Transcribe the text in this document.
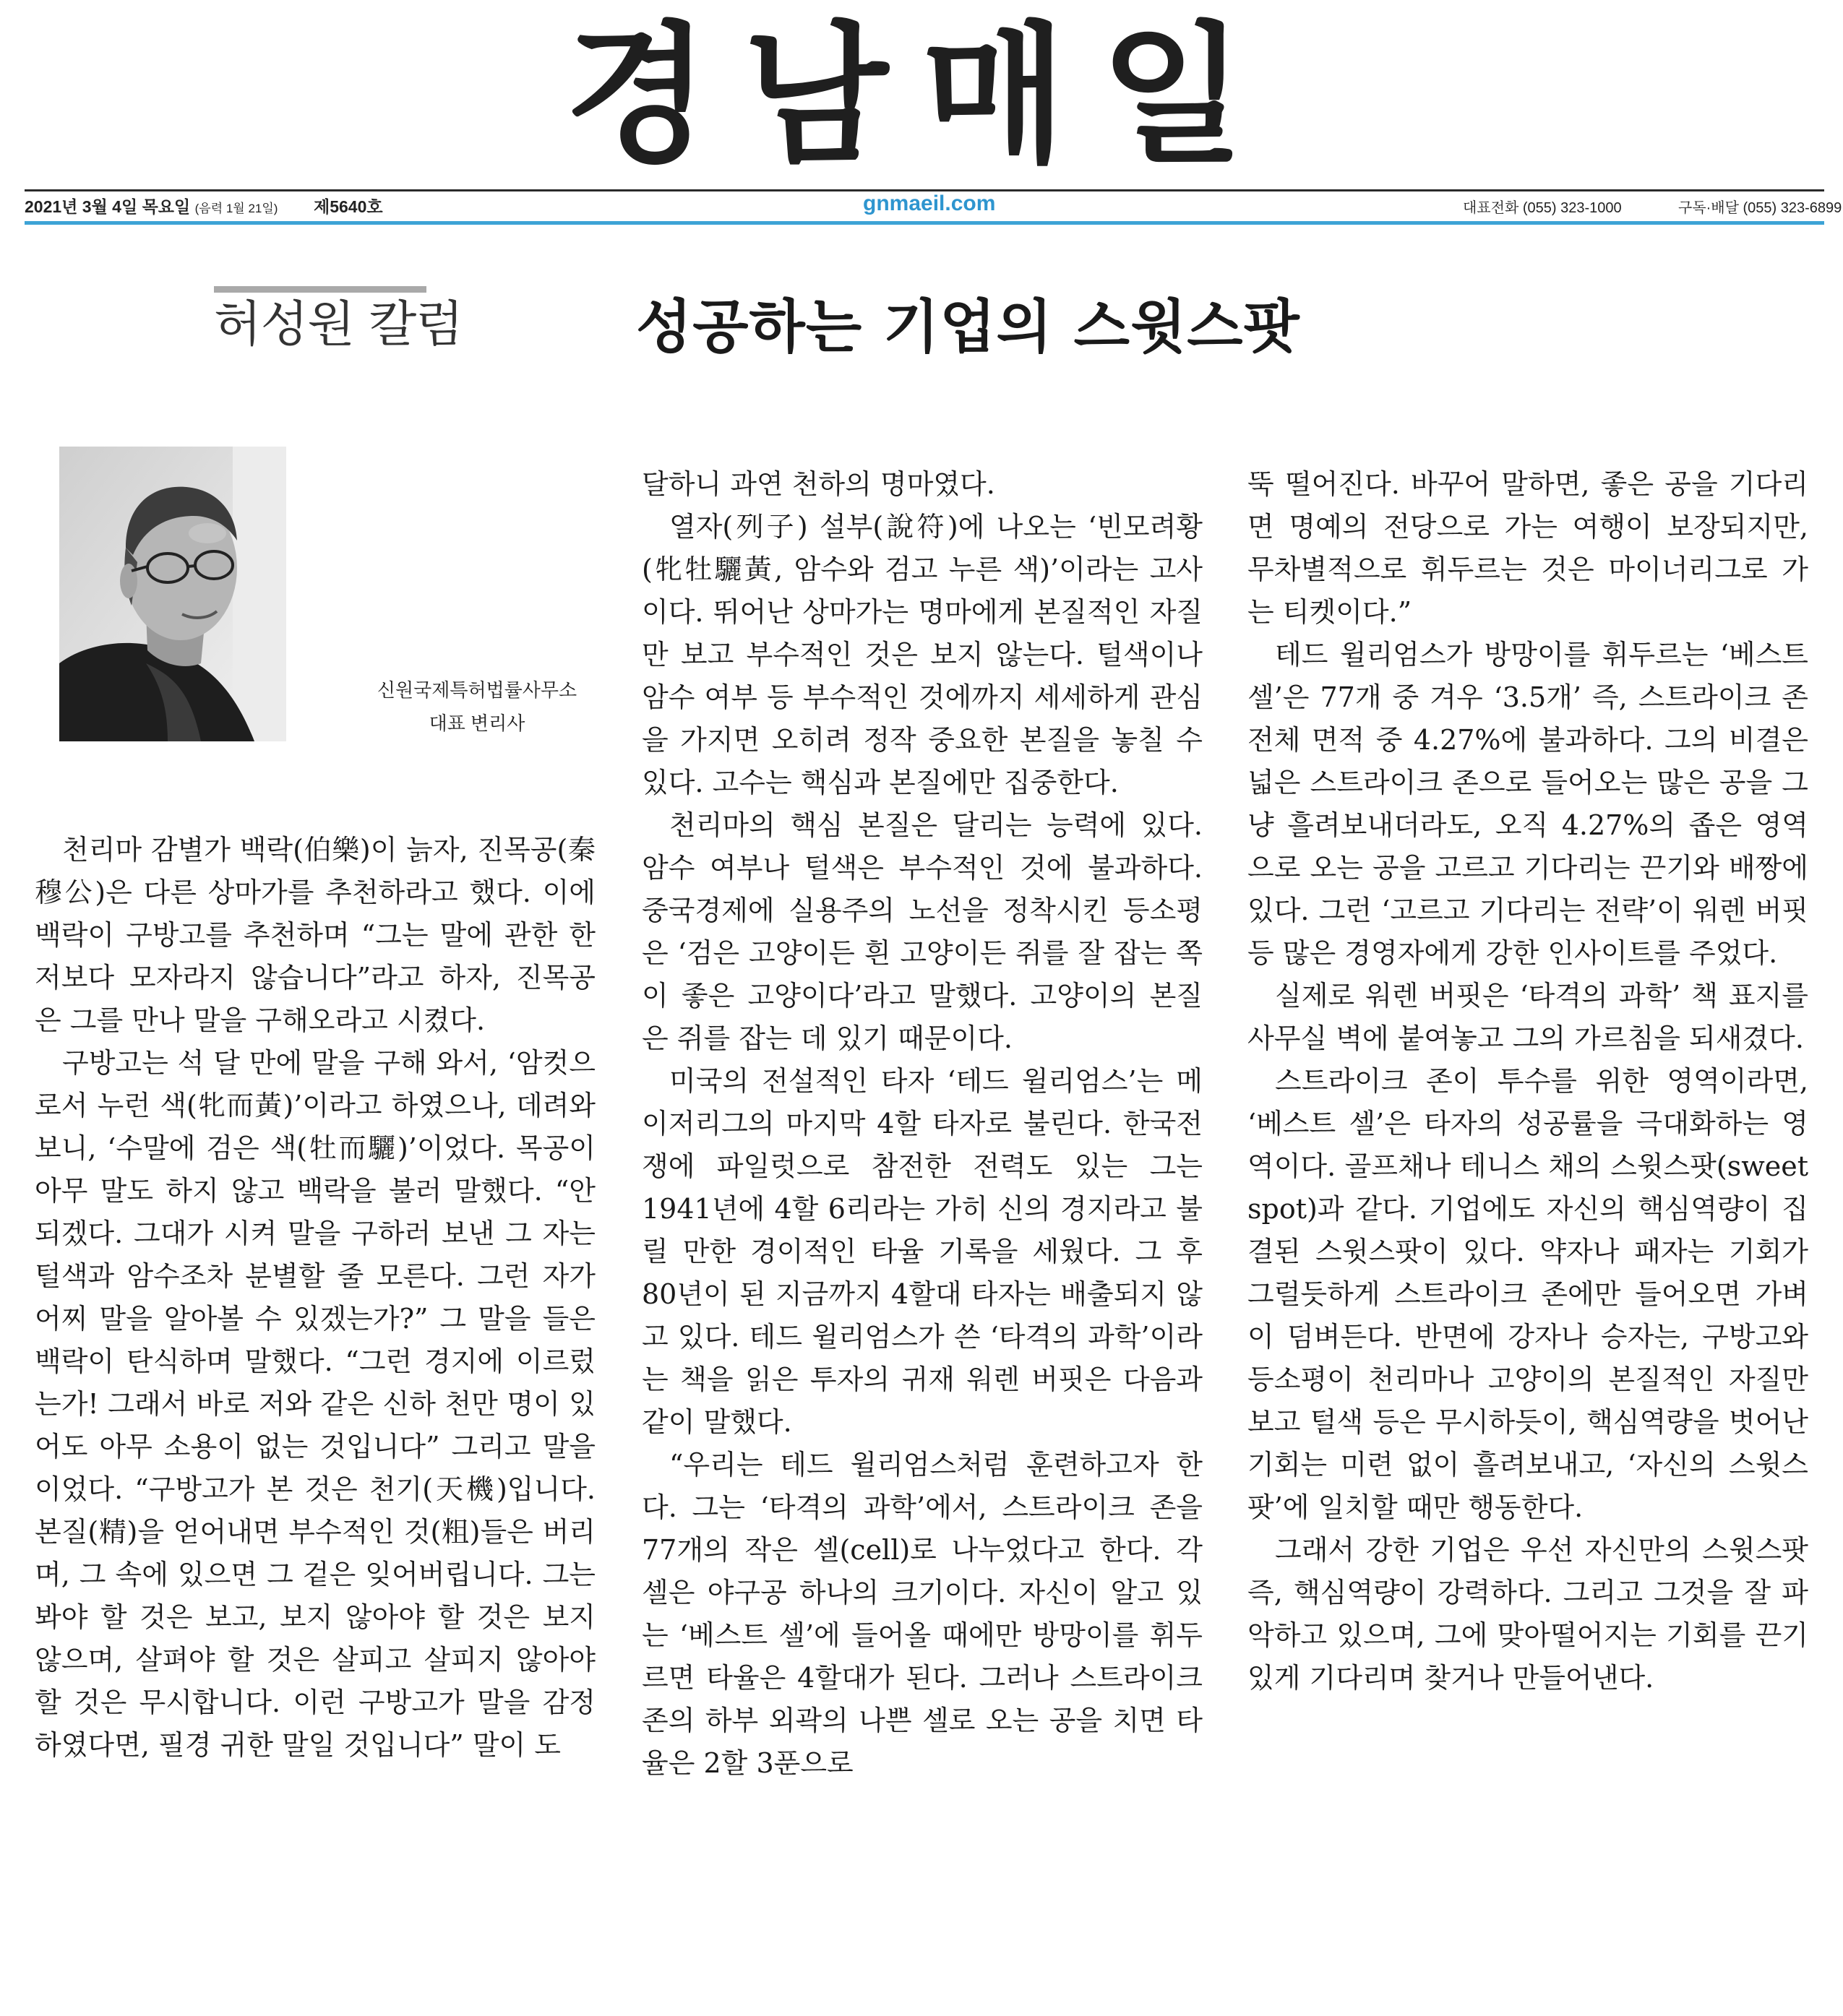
경남매일
2021년 3월 4일 목요일 (음력 1월 21일) 제5640호	gnmaeil.com	대표전화 (055) 323-1000	구독·배달 (055) 323-6899
허성원 칼럼	성공하는 기업의 스윗스팟
신원국제특허법률사무소
대표 변리사

천리마 감별가 백락(伯樂)이 늙자, 진목공(秦穆公)은 다른 상마가를 추천하라고 했다. 이에 백락이 구방고를 추천하며 “그는 말에 관한 한 저보다 모자라지 않습니다”라고 하자, 진목공은 그를 만나 말을 구해오라고 시켰다.

구방고는 석 달 만에 말을 구해 와서, ‘암컷으로서 누런 색(牝而黃)’이라고 하였으나, 데려와 보니, ‘수말에 검은 색(牡而驪)’이었다. 목공이 아무 말도 하지 않고 백락을 불러 말했다. “안 되겠다. 그대가 시켜 말을 구하러 보낸 그 자는 털색과 암수조차 분별할 줄 모른다. 그런 자가 어찌 말을 알아볼 수 있겠는가?” 그 말을 들은 백락이 탄식하며 말했다. “그런 경지에 이르렀는가! 그래서 바로 저와 같은 신하 천만 명이 있어도 아무 소용이 없는 것입니다” 그리고 말을 이었다. “구방고가 본 것은 천기(天機)입니다. 본질(精)을 얻어내면 부수적인 것(粗)들은 버리며, 그 속에 있으면 그 겉은 잊어버립니다. 그는 봐야 할 것은 보고, 보지 않아야 할 것은 보지 않으며, 살펴야 할 것은 살피고 살피지 않아야 할 것은 무시합니다. 이런 구방고가 말을 감정하였다면, 필경 귀한 말일 것입니다” 말이 도

달하니 과연 천하의 명마였다.

열자(列子) 설부(說符)에 나오는 ‘빈모려황(牝牡驪黃, 암수와 검고 누른 색)’이라는 고사이다. 뛰어난 상마가는 명마에게 본질적인 자질만 보고 부수적인 것은 보지 않는다. 털색이나 암수 여부 등 부수적인 것에까지 세세하게 관심을 가지면 오히려 정작 중요한 본질을 놓칠 수 있다. 고수는 핵심과 본질에만 집중한다.

천리마의 핵심 본질은 달리는 능력에 있다. 암수 여부나 털색은 부수적인 것에 불과하다. 중국경제에 실용주의 노선을 정착시킨 등소평은 ‘검은 고양이든 흰 고양이든 쥐를 잘 잡는 쪽이 좋은 고양이다’라고 말했다. 고양이의 본질은 쥐를 잡는 데 있기 때문이다.

미국의 전설적인 타자 ‘테드 윌리엄스’는 메이저리그의 마지막 4할 타자로 불린다. 한국전쟁에 파일럿으로 참전한 전력도 있는 그는 1941년에 4할 6리라는 가히 신의 경지라고 불릴 만한 경이적인 타율 기록을 세웠다. 그 후 80년이 된 지금까지 4할대 타자는 배출되지 않고 있다. 테드 윌리엄스가 쓴 ‘타격의 과학’이라는 책을 읽은 투자의 귀재 워렌 버핏은 다음과 같이 말했다.

“우리는 테드 윌리엄스처럼 훈련하고자 한다. 그는 ‘타격의 과학’에서, 스트라이크 존을 77개의 작은 셀(cell)로 나누었다고 한다. 각 셀은 야구공 하나의 크기이다. 자신이 알고 있는 ‘베스트 셀’에 들어올 때에만 방망이를 휘두르면 타율은 4할대가 된다. 그러나 스트라이크 존의 하부 외곽의 나쁜 셀로 오는 공을 치면 타율은 2할 3푼으로

뚝 떨어진다. 바꾸어 말하면, 좋은 공을 기다리면 명예의 전당으로 가는 여행이 보장되지만, 무차별적으로 휘두르는 것은 마이너리그로 가는 티켓이다.”

테드 윌리엄스가 방망이를 휘두르는 ‘베스트 셀’은 77개 중 겨우 ‘3.5개’ 즉, 스트라이크 존 전체 면적 중 4.27%에 불과하다. 그의 비결은 넓은 스트라이크 존으로 들어오는 많은 공을 그냥 흘려보내더라도, 오직 4.27%의 좁은 영역으로 오는 공을 고르고 기다리는 끈기와 배짱에 있다. 그런 ‘고르고 기다리는 전략’이 워렌 버핏 등 많은 경영자에게 강한 인사이트를 주었다.

실제로 워렌 버핏은 ‘타격의 과학’ 책 표지를 사무실 벽에 붙여놓고 그의 가르침을 되새겼다.

스트라이크 존이 투수를 위한 영역이라면, ‘베스트 셀’은 타자의 성공률을 극대화하는 영역이다. 골프채나 테니스 채의 스윗스팟(sweet spot)과 같다. 기업에도 자신의 핵심역량이 집결된 스윗스팟이 있다. 약자나 패자는 기회가 그럴듯하게 스트라이크 존에만 들어오면 가벼이 덤벼든다. 반면에 강자나 승자는, 구방고와 등소평이 천리마나 고양이의 본질적인 자질만 보고 털색 등은 무시하듯이, 핵심역량을 벗어난 기회는 미련 없이 흘려보내고, ‘자신의 스윗스팟’에 일치할 때만 행동한다.

그래서 강한 기업은 우선 자신만의 스윗스팟 즉, 핵심역량이 강력하다. 그리고 그것을 잘 파악하고 있으며, 그에 맞아떨어지는 기회를 끈기 있게 기다리며 찾거나 만들어낸다.
